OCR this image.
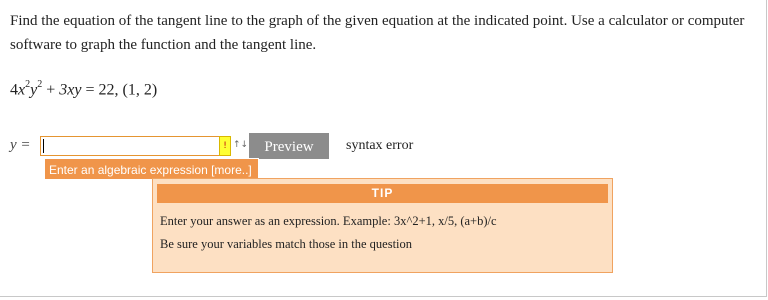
Find the equation of the tangent line to the graph of the given equation at the indicated point. Use a calculator or computer software to graph the function and the tangent line.
$4x^2y^2 + 3xy = 22$, (1, 2)
y =	! ↑↓	Preview	syntax error
Enter an algebraic expression [more..]
TIP
Enter your answer as an expression. Example: 3x^2+1, x/5, (a+b)/c
Be sure your variables match those in the question
